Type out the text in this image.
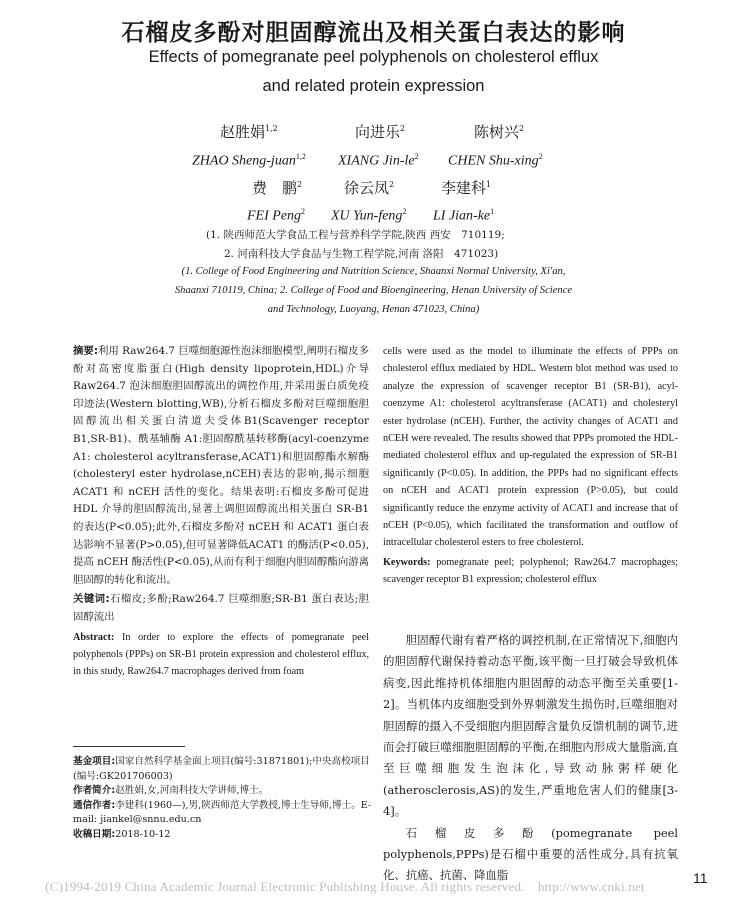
石榴皮多酚对胆固醇流出及相关蛋白表达的影响
Effects of pomegranate peel polyphenols on cholesterol efflux
and related protein expression
赵胜娟$^{1,2}$	向进乐$^2$	陈树兴$^2$
ZHAO Sheng-juan$^{1,2}$ XIANG Jin-$le^2$ CHEN Shu-xing$^2$
费　鹏$^2$	徐云凤$^2$	李建科$^1$
FEI Peng$^2$ XU Yun-feng$^2$ LI Jian-$ke^1$
(1. 陕西师范大学食品工程与营养科学学院,陕西 西安　710119;
2. 河南科技大学食品与生物工程学院,河南 洛阳　471023)
(1. College of Food Engineering and Nutrition Science, Shaanxi Normal University, Xi'an,
Shaanxi 710119, China; 2. College of Food and Bioengineering, Henan University of Science
and Technology, Luoyang, Henan 471023, China)

摘要:利用 Raw264.7 巨噬细胞源性泡沫细胞模型,阐明石榴皮多酚对高密度脂蛋白(High density lipoprotein,HDL)介导 Raw264.7 泡沫细胞胆固醇流出的调控作用,并采用蛋白质免疫印迹法(Western blotting,WB),分析石榴皮多酚对巨噬细胞胆固醇流出相关蛋白清道夫受体B1(Scavenger receptor B1,SR-B1)、酰基辅酶 A1:胆固醇酰基转移酶(acyl-coenzyme A1: cholesterol acyltransferase,ACAT1)和胆固醇酯水解酶(cholesteryl ester hydrolase,nCEH)表达的影响,揭示细胞 ACAT1 和 nCEH 活性的变化。结果表明:石榴皮多酚可促进 HDL 介导的胆固醇流出,显著上调胆固醇流出相关蛋白 SR-B1 的表达(P<0.05);此外,石榴皮多酚对 nCEH 和 ACAT1 蛋白表达影响不显著(P>0.05),但可显著降低ACAT1 的酶活(P<0.05),提高 nCEH 酶活性(P<0.05),从而有利于细胞内胆固醇酯向游离胆固醇的转化和流出。

关键词:石榴皮;多酚;Raw264.7 巨噬细胞;SR-B1 蛋白表达;胆固醇流出

Abstract: In order to explore the effects of pomegranate peel polyphenols (PPPs) on SR-B1 protein expression and cholesterol efflux, in this study, Raw264.7 macrophages derived from foam

cells were used as the model to illuminate the effects of PPPs on cholesterol efflux mediated by HDL. Western blot method was used to analyze the expression of scavenger receptor B1 (SR-B1), acyl-coenzyme A1: cholesterol acyltransferase (ACAT1) and cholesteryl ester hydrolase (nCEH). Further, the activity changes of ACAT1 and nCEH were revealed. The results showed that PPPs promoted the HDL-mediated cholesterol efflux and up-regulated the expression of SR-B1 significantly (P<0.05). In addition, the PPPs had no significant effects on nCEH and ACAT1 protein expression (P>0.05), but could significantly reduce the enzyme activity of ACAT1 and increase that of nCEH (P<0.05), which facilitated the transformation and outflow of intracellular cholesterol esters to free cholesterol.

Keywords: pomegranate peel; polyphenol; Raw264.7 macrophages; scavenger receptor B1 expression; cholesterol efflux

胆固醇代谢有着严格的调控机制,在正常情况下,细胞内的胆固醇代谢保持着动态平衡,该平衡一旦打破会导致机体病变,因此维持机体细胞内胆固醇的动态平衡至关重要[1-2]。当机体内皮细胞受到外界刺激发生损伤时,巨噬细胞对胆固醇的摄入不受细胞内胆固醇含量负反馈机制的调节,进而会打破巨噬细胞胆固醇的平衡,在细胞内形成大量脂滴,直至巨噬细胞发生泡沫化,导致动脉粥样硬化(atherosclerosis,AS)的发生,严重地危害人们的健康[3-4]。

石榴皮多酚(pomegranate peel polyphenols,PPPs)是石榴中重要的活性成分,具有抗氧化、抗癌、抗菌、降血脂

基金项目:国家自然科学基金面上项目(编号:31871801);中央高校项目(编号:GK201706003)
作者简介:赵胜娟,女,河南科技大学讲师,博士。
通信作者:李建科(1960—),男,陕西师范大学教授,博士生导师,博士。E-mail: jiankel@snnu.edu.cn
收稿日期:2018-10-12
(C)1994-2019 China Academic Journal Electronic Publishing House. All rights reserved.　http://www.cnki.net
11
